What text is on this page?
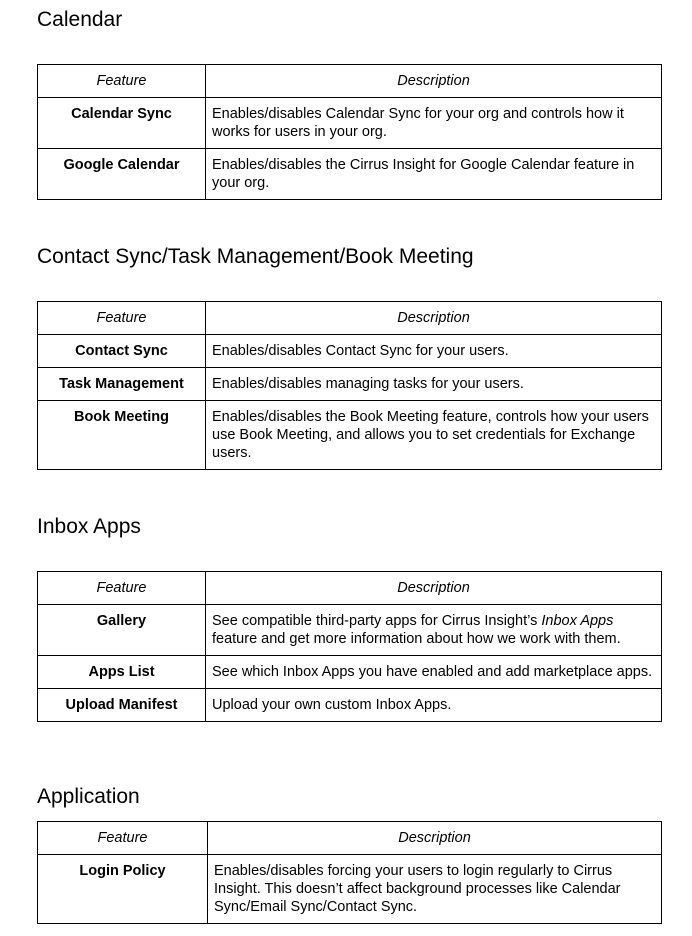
Calendar
Feature	Description
Calendar Sync	Enables/disables Calendar Sync for your org and controls how it works for users in your org.
Google Calendar	Enables/disables the Cirrus Insight for Google Calendar feature in your org.
Contact Sync/Task Management/Book Meeting
Feature	Description
Contact Sync	Enables/disables Contact Sync for your users.
Task Management	Enables/disables managing tasks for your users.
Book Meeting	Enables/disables the Book Meeting feature, controls how your users use Book Meeting, and allows you to set credentials for Exchange users.
Inbox Apps
Feature	Description
Gallery	See compatible third-party apps for Cirrus Insight’s Inbox Apps feature and get more information about how we work with them.
Apps List	See which Inbox Apps you have enabled and add marketplace apps.
Upload Manifest	Upload your own custom Inbox Apps.
Application
Feature	Description
Login Policy	Enables/disables forcing your users to login regularly to Cirrus Insight. This doesn’t affect background processes like Calendar Sync/Email Sync/Contact Sync.
